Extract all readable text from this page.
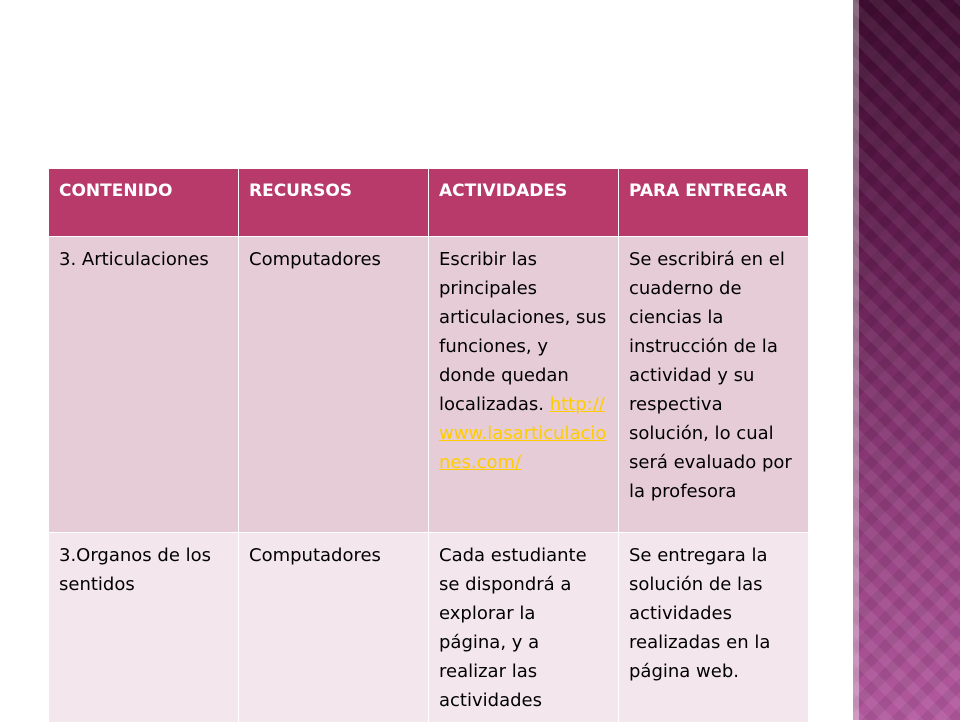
CONTENIDO	RECURSOS	ACTIVIDADES	PARA ENTREGAR
3. Articulaciones	Computadores	Escribir las principales articulaciones, sus funciones, y donde quedan localizadas. http://www.lasarticulaciones.com/	Se escribirá en el cuaderno de ciencias la instrucción de la actividad y su respectiva solución, lo cual será evaluado por la profesora
3.Organos de los sentidos	Computadores	Cada estudiante se dispondrá a explorar la página, y a realizar las actividades	Se entregara la solución de las actividades realizadas en la página web.
